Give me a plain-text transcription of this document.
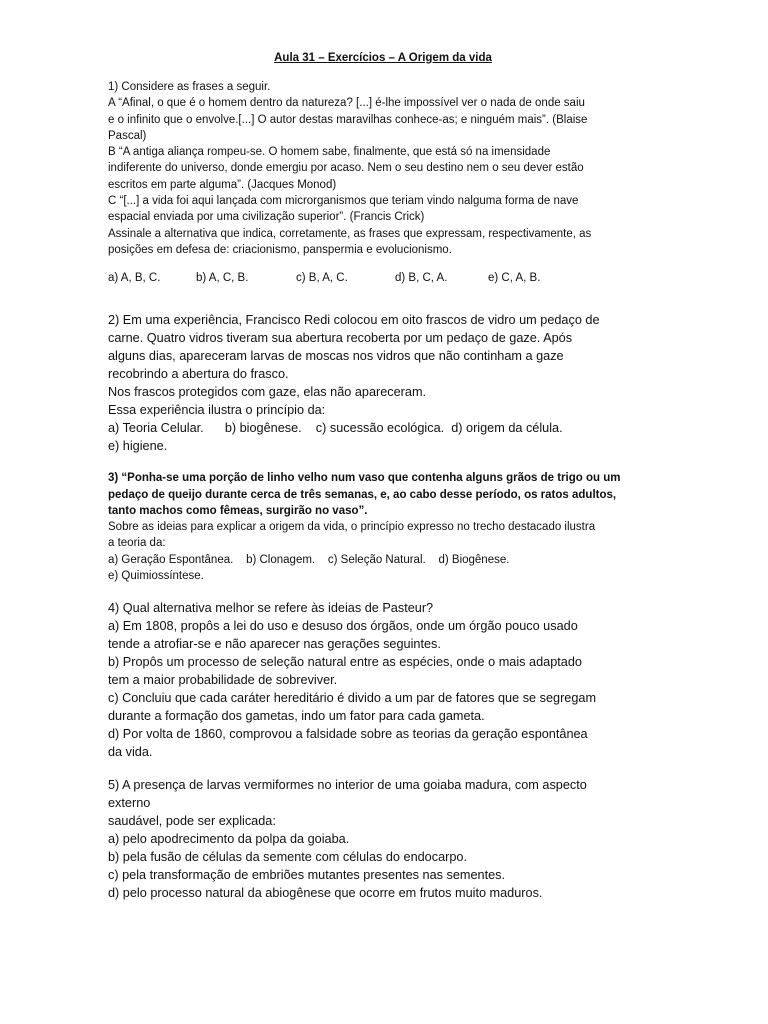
Aula 31 – Exercícios – A Origem da vida
1) Considere as frases a seguir.
A “Afinal, o que é o homem dentro da natureza? [...] é-lhe impossível ver o nada de onde saiu
e o infinito que o envolve.[...] O autor destas maravilhas conhece-as; e ninguém mais”. (Blaise
Pascal)
B “A antiga aliança rompeu-se. O homem sabe, finalmente, que está só na imensidade
indiferente do universo, donde emergiu por acaso. Nem o seu destino nem o seu dever estão
escritos em parte alguma”. (Jacques Monod)
C “[...] a vida foi aqui lançada com microrganismos que teriam vindo nalguma forma de nave
espacial enviada por uma civilização superior”. (Francis Crick)
Assinale a alternativa que indica, corretamente, as frases que expressam, respectivamente, as
posições em defesa de: criacionismo, panspermia e evolucionismo.
a) A, B, C.	b) A, C, B.	c) B, A, C.	d) B, C, A.	e) C, A, B.
2) Em uma experiência, Francisco Redi colocou em oito frascos de vidro um pedaço de
carne. Quatro vidros tiveram sua abertura recoberta por um pedaço de gaze. Após
alguns dias, apareceram larvas de moscas nos vidros que não continham a gaze
recobrindo a abertura do frasco.
Nos frascos protegidos com gaze, elas não apareceram.
Essa experiência ilustra o princípio da:
a) Teoria Celular.      b) biogênese.    c) sucessão ecológica.  d) origem da célula.
e) higiene.
3) “Ponha-se uma porção de linho velho num vaso que contenha alguns grãos de trigo ou um
pedaço de queijo durante cerca de três semanas, e, ao cabo desse período, os ratos adultos,
tanto machos como fêmeas, surgirão no vaso”.
Sobre as ideias para explicar a origem da vida, o princípio expresso no trecho destacado ilustra
a teoria da:
a) Geração Espontânea.    b) Clonagem.    c) Seleção Natural.    d) Biogênese.
e) Quimiossíntese.
4) Qual alternativa melhor se refere às ideias de Pasteur?
a) Em 1808, propôs a lei do uso e desuso dos órgãos, onde um órgão pouco usado
tende a atrofiar-se e não aparecer nas gerações seguintes.
b) Propôs um processo de seleção natural entre as espécies, onde o mais adaptado
tem a maior probabilidade de sobreviver.
c) Concluiu que cada caráter hereditário é divido a um par de fatores que se segregam
durante a formação dos gametas, indo um fator para cada gameta.
d) Por volta de 1860, comprovou a falsidade sobre as teorias da geração espontânea
da vida.
5) A presença de larvas vermiformes no interior de uma goiaba madura, com aspecto
externo
saudável, pode ser explicada:
a) pelo apodrecimento da polpa da goiaba.
b) pela fusão de células da semente com células do endocarpo.
c) pela transformação de embriões mutantes presentes nas sementes.
d) pelo processo natural da abiogênese que ocorre em frutos muito maduros.
